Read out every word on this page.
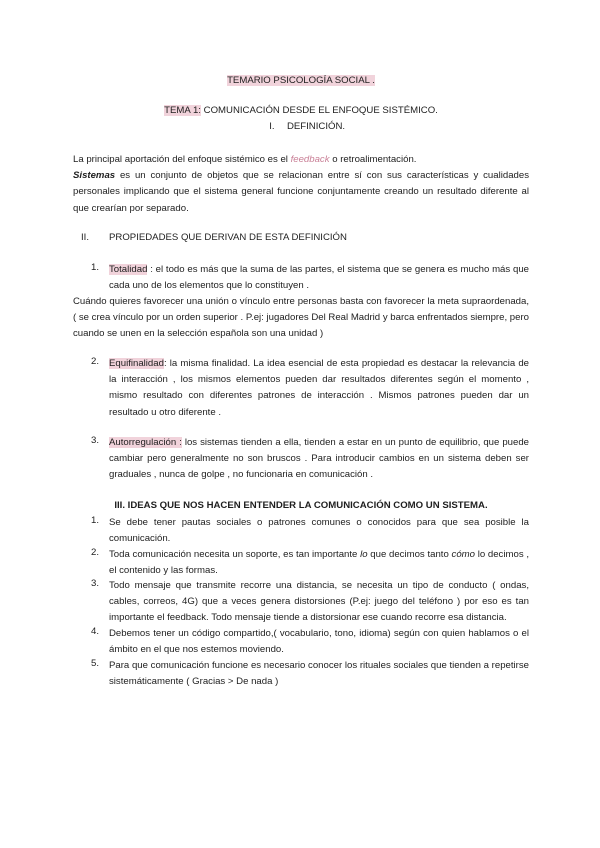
TEMARIO PSICOLOGÍA SOCIAL .
TEMA 1: COMUNICACIÓN DESDE EL ENFOQUE SISTÉMICO.
I. DEFINICIÓN.
La principal aportación del enfoque sistémico es el feedback o retroalimentación.
Sistemas es un conjunto de objetos que se relacionan entre sí con sus características y cualidades personales implicando que el sistema general funcione conjuntamente creando un resultado diferente al que crearían por separado.
II. PROPIEDADES QUE DERIVAN DE ESTA DEFINICIÓN
1. Totalidad : el todo es más que la suma de las partes, el sistema que se genera es mucho más que cada uno de los elementos que lo constituyen .
Cuándo quieres favorecer una unión o vínculo entre personas basta con favorecer la meta supraordenada, ( se crea vínculo por un orden superior . P.ej: jugadores Del Real Madrid y barca enfrentados siempre, pero cuando se unen en la selección española son una unidad )
2. Equifinalidad: la misma finalidad. La idea esencial de esta propiedad es destacar la relevancia de la interacción , los mismos elementos pueden dar resultados diferentes según el momento , mismo resultado con diferentes patrones de interacción . Mismos patrones pueden dar un resultado u otro diferente .
3. Autorregulación : los sistemas tienden a ella, tienden a estar en un punto de equilibrio, que puede cambiar pero generalmente no son bruscos . Para introducir cambios en un sistema deben ser graduales , nunca de golpe , no funcionaria en comunicación .
III. IDEAS QUE NOS HACEN ENTENDER LA COMUNICACIÓN COMO UN SISTEMA.
1. Se debe tener pautas sociales o patrones comunes o conocidos para que sea posible la comunicación.
2. Toda comunicación necesita un soporte, es tan importante lo que decimos tanto cómo lo decimos , el contenido y las formas.
3. Todo mensaje que transmite recorre una distancia, se necesita un tipo de conducto ( ondas, cables, correos, 4G) que a veces genera distorsiones (P.ej: juego del teléfono ) por eso es tan importante el feedback. Todo mensaje tiende a distorsionar ese cuando recorre esa distancia.
4. Debemos tener un código compartido,( vocabulario, tono, idioma) según con quien hablamos o el ámbito en el que nos estemos moviendo.
5. Para que comunicación funcione es necesario conocer los rituales sociales que tienden a repetirse sistemáticamente ( Gracias > De nada )
